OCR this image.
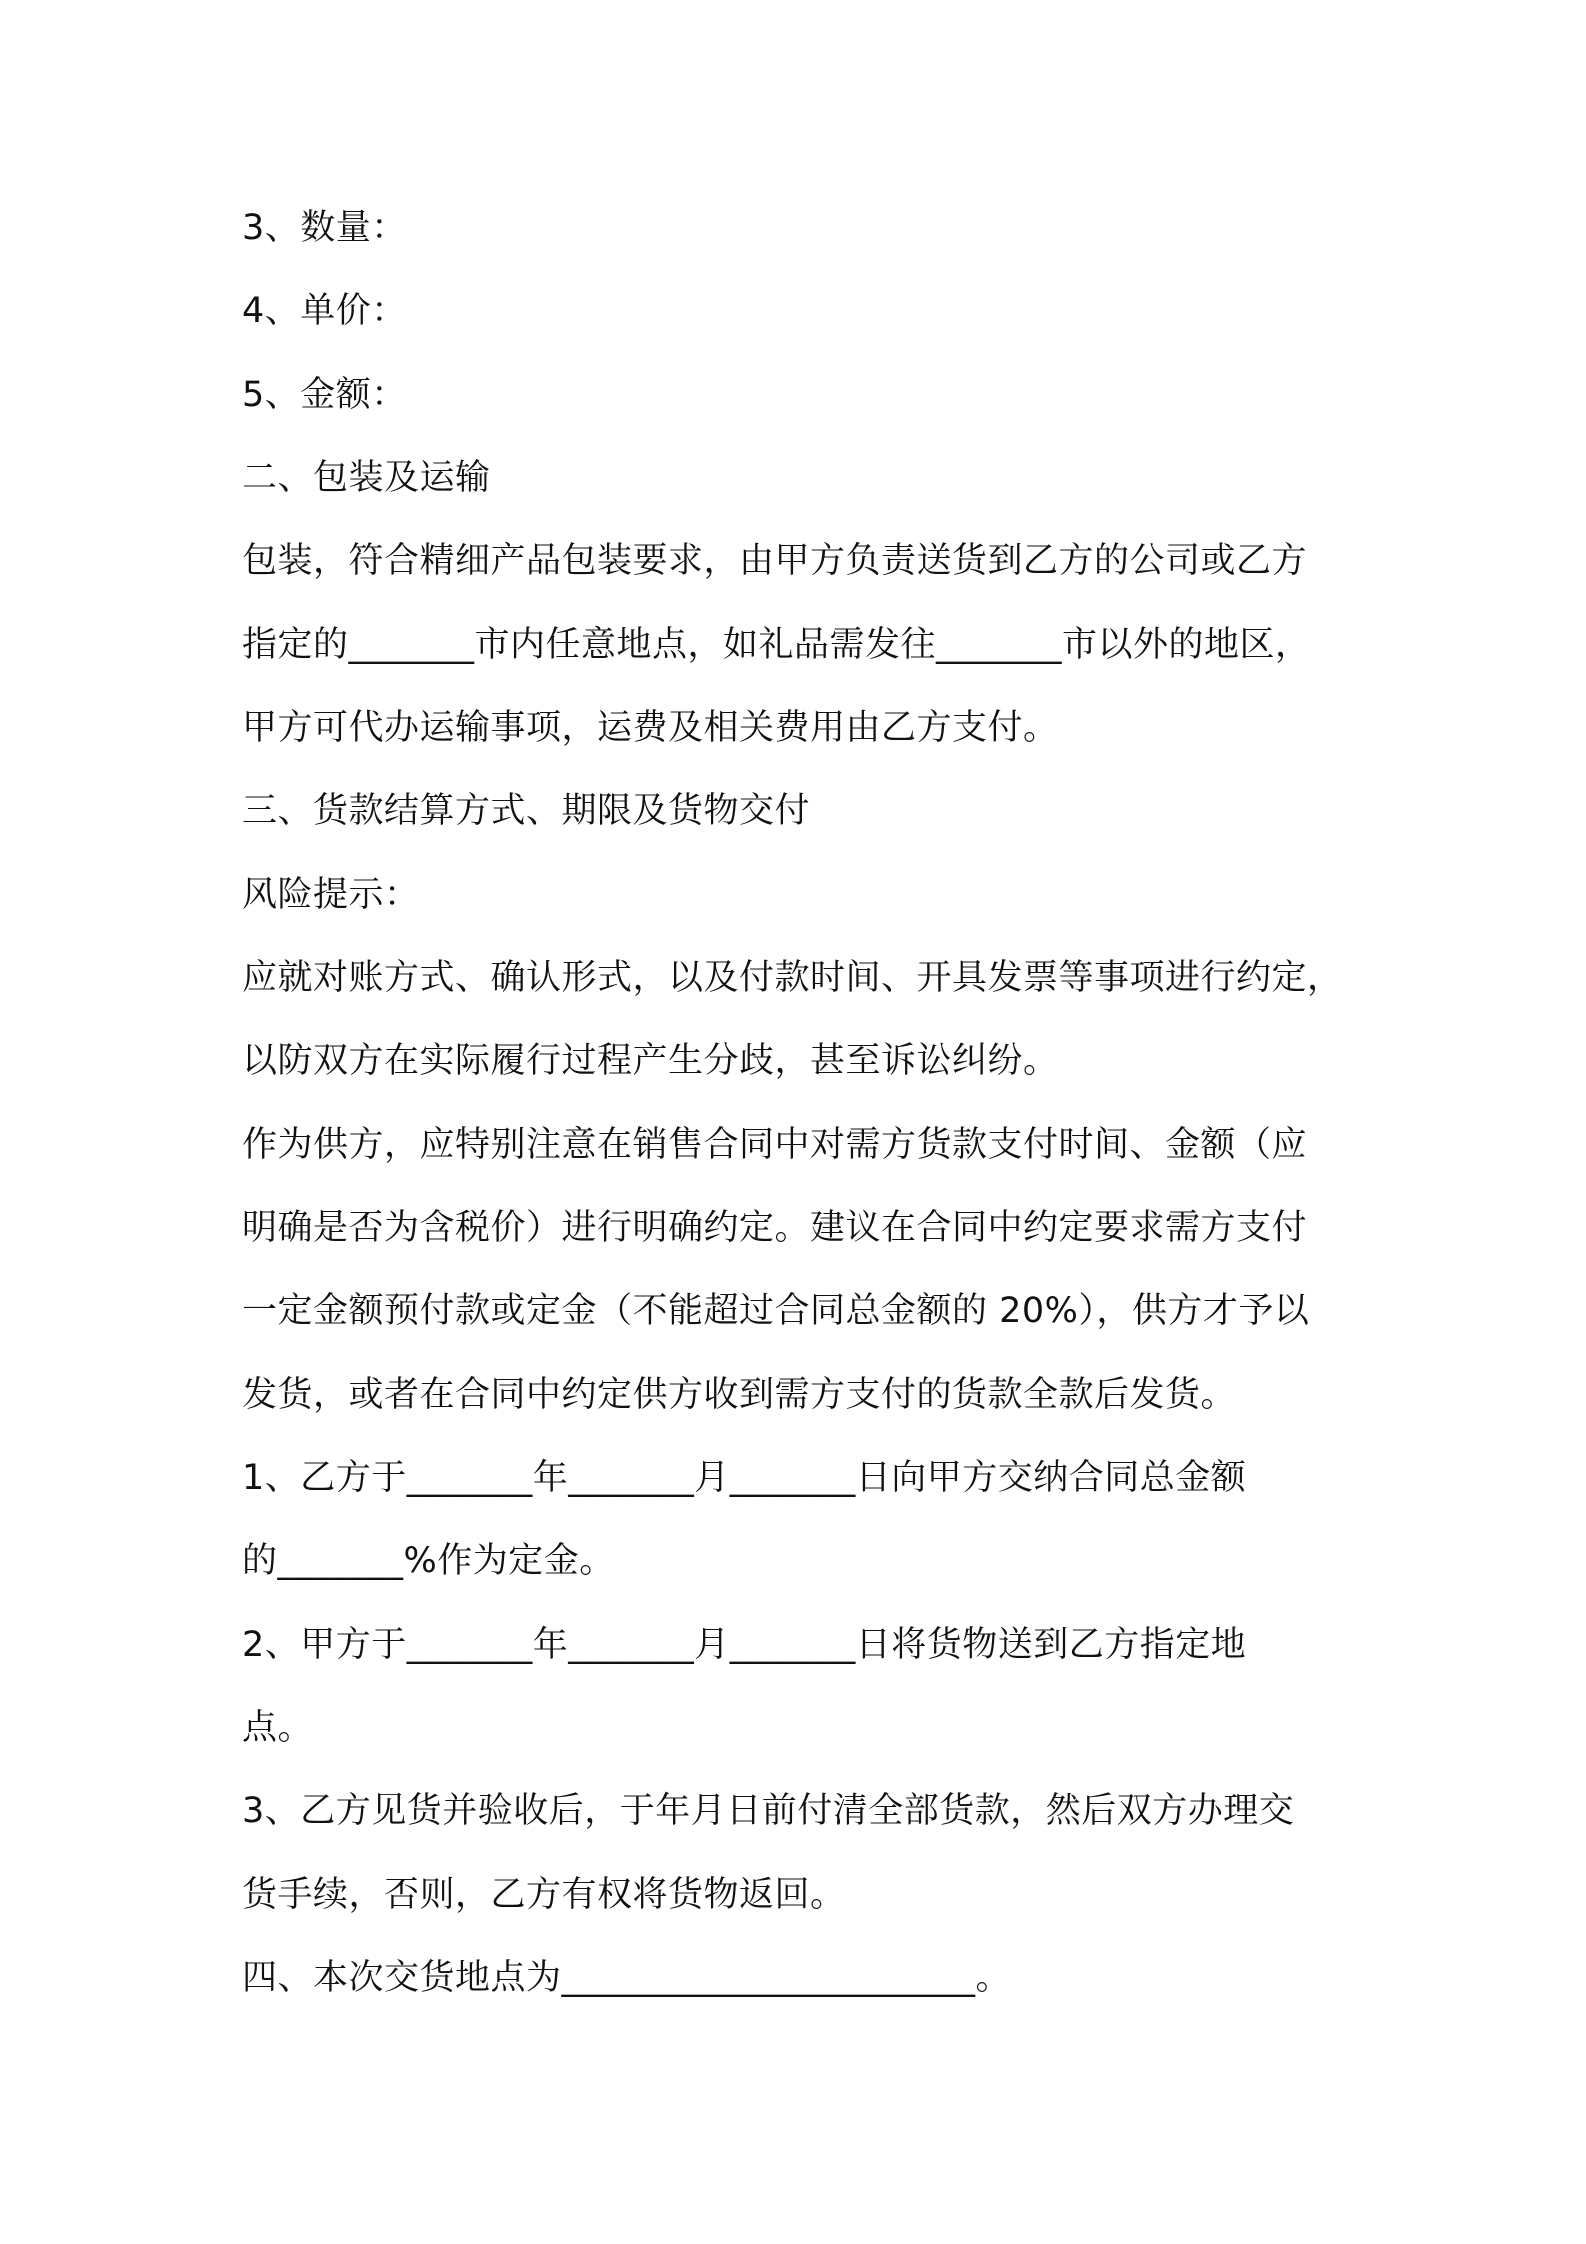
3、数量：
4、单价：
5、金额：
二、包装及运输
包装，符合精细产品包装要求，由甲方负责送货到乙方的公司或乙方
指定的_______市内任意地点，如礼品需发往_______市以外的地区，
甲方可代办运输事项，运费及相关费用由乙方支付。
三、货款结算方式、期限及货物交付
风险提示：
应就对账方式、确认形式，以及付款时间、开具发票等事项进行约定，
以防双方在实际履行过程产生分歧，甚至诉讼纠纷。
作为供方，应特别注意在销售合同中对需方货款支付时间、金额（应
明确是否为含税价）进行明确约定。建议在合同中约定要求需方支付
一定金额预付款或定金（不能超过合同总金额的 20%），供方才予以
发货，或者在合同中约定供方收到需方支付的货款全款后发货。
1、乙方于_______年_______月_______日向甲方交纳合同总金额
的_______%作为定金。
2、甲方于_______年_______月_______日将货物送到乙方指定地
点。
3、乙方见货并验收后，于年月日前付清全部货款，然后双方办理交
货手续，否则，乙方有权将货物返回。
四、本次交货地点为_______________________。
